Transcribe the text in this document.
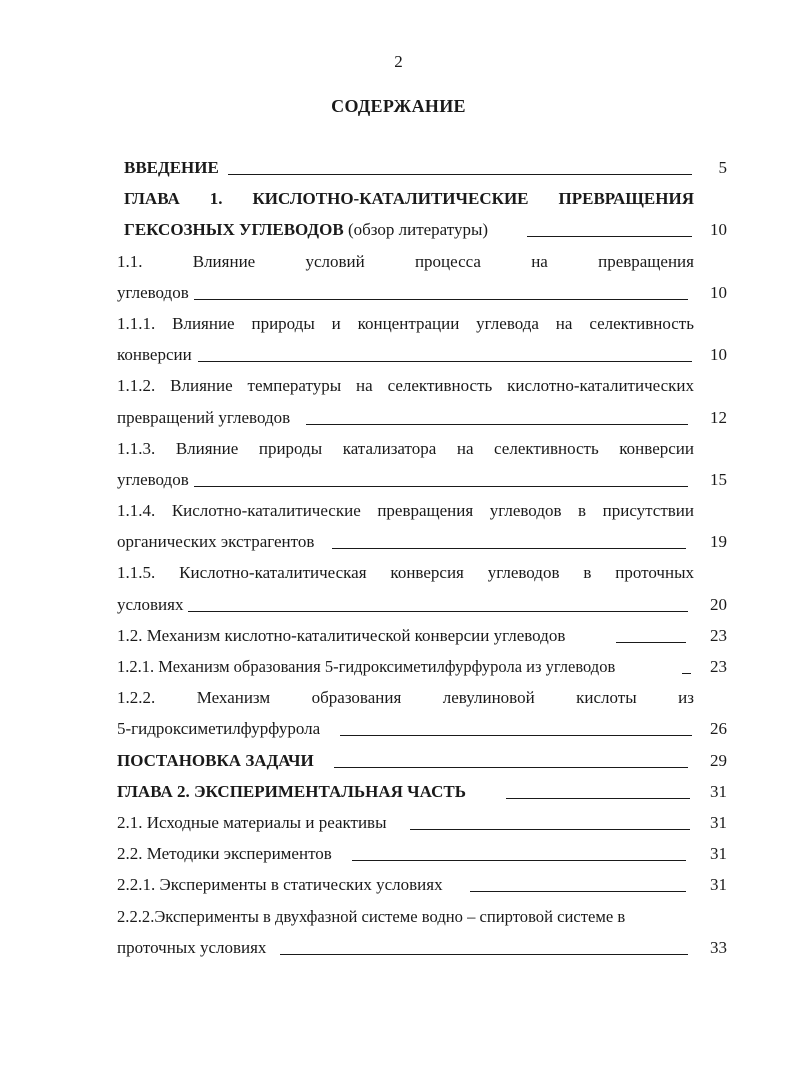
2
СОДЕРЖАНИЕ
ВВЕДЕНИЕ	5
ГЛАВА 1. КИСЛОТНО-КАТАЛИТИЧЕСКИЕ ПРЕВРАЩЕНИЯ
ГЕКСОЗНЫХ УГЛЕВОДОВ (обзор литературы)	10
1.1.	Влияние	условий	процесса	на	превращения
углеводов	10
1.1.1. Влияние природы и концентрации углевода на селективность
конверсии	10
1.1.2. Влияние температуры на селективность кислотно-каталитических
превращений углеводов	12
1.1.3. Влияние природы катализатора на селективность конверсии
углеводов	15
1.1.4. Кислотно-каталитические превращения углеводов в присутствии
органических экстрагентов	19
1.1.5. Кислотно-каталитическая конверсия углеводов в проточных
условиях	20
1.2. Механизм кислотно-каталитической конверсии углеводов	23
1.2.1. Механизм образования 5-гидроксиметилфурфурола из углеводов	23
1.2.2. Механизм образования левулиновой кислоты из
5-гидроксиметилфурфурола	26
ПОСТАНОВКА ЗАДАЧИ	29
ГЛАВА 2. ЭКСПЕРИМЕНТАЛЬНАЯ ЧАСТЬ	31
2.1. Исходные материалы и реактивы	31
2.2. Методики экспериментов	31
2.2.1. Эксперименты в статических условиях	31
2.2.2.Эксперименты в двухфазной системе водно – спиртовой системе в
проточных условиях	33
